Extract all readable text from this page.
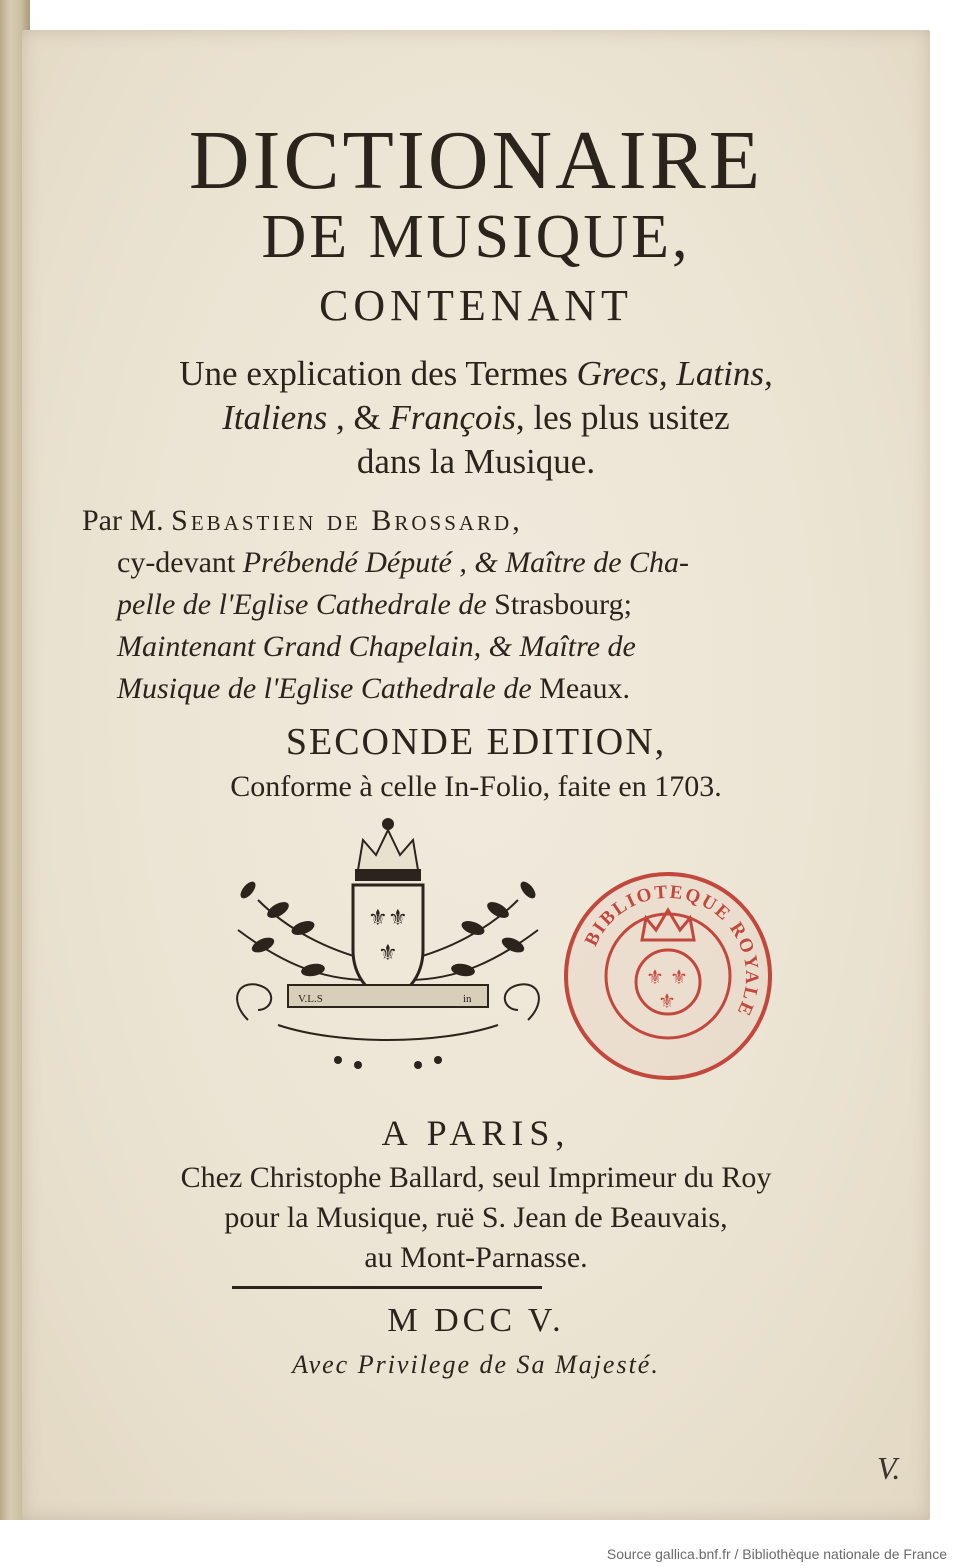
DICTIONAIRE
DE MUSIQUE,
CONTENANT
Une explication des Termes Grecs, Latins,
Italiens , & François, les plus usitez
dans la Musique.
Par M. Sebastien de Brossard,
cy-devant Prébendé Député , & Maître de Cha-
pelle de l'Eglise Cathedrale de Strasbourg;
Maintenant Grand Chapelain, & Maître de
Musique de l'Eglise Cathedrale de Meaux.
SECONDE EDITION,
Conforme à celle In-Folio, faite en 1703.
⚜ ⚜
⚜
V.L.S	in
BIBLIOTEQUE ROYALE
⚜ ⚜
⚜
A PARIS,
Chez Christophe Ballard, seul Imprimeur du Roy
pour la Musique, ruë S. Jean de Beauvais,
au Mont-Parnasse.
M DCC V.
Avec Privilege de Sa Majesté.
V.
Source gallica.bnf.fr / Bibliothèque nationale de France
